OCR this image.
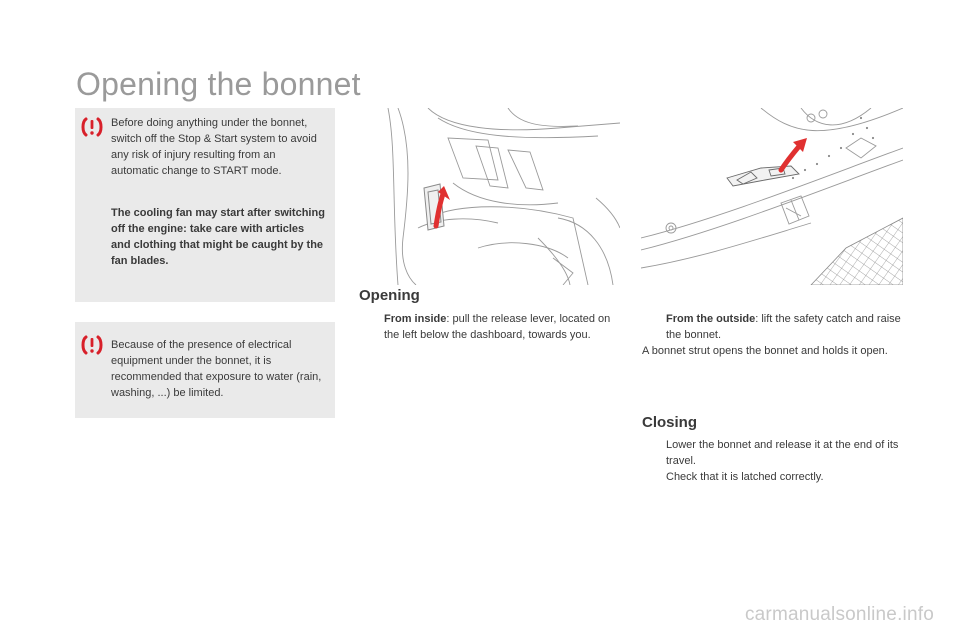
Opening the bonnet

Before doing anything under the bonnet, switch off the Stop & Start system to avoid any risk of injury resulting from an automatic change to START mode.

The cooling fan may start after switching off the engine: take care with articles and clothing that might be caught by the fan blades.

Because of the presence of electrical equipment under the bonnet, it is recommended that exposure to water (rain, washing, ...) be limited.

Opening
From inside: pull the release lever, located on the left below the dashboard, towards you.
From the outside: lift the safety catch and raise the bonnet.

A bonnet strut opens the bonnet and holds it open.

Closing
Lower the bonnet and release it at the end of its travel.
Check that it is latched correctly.
carmanualsonline.info
